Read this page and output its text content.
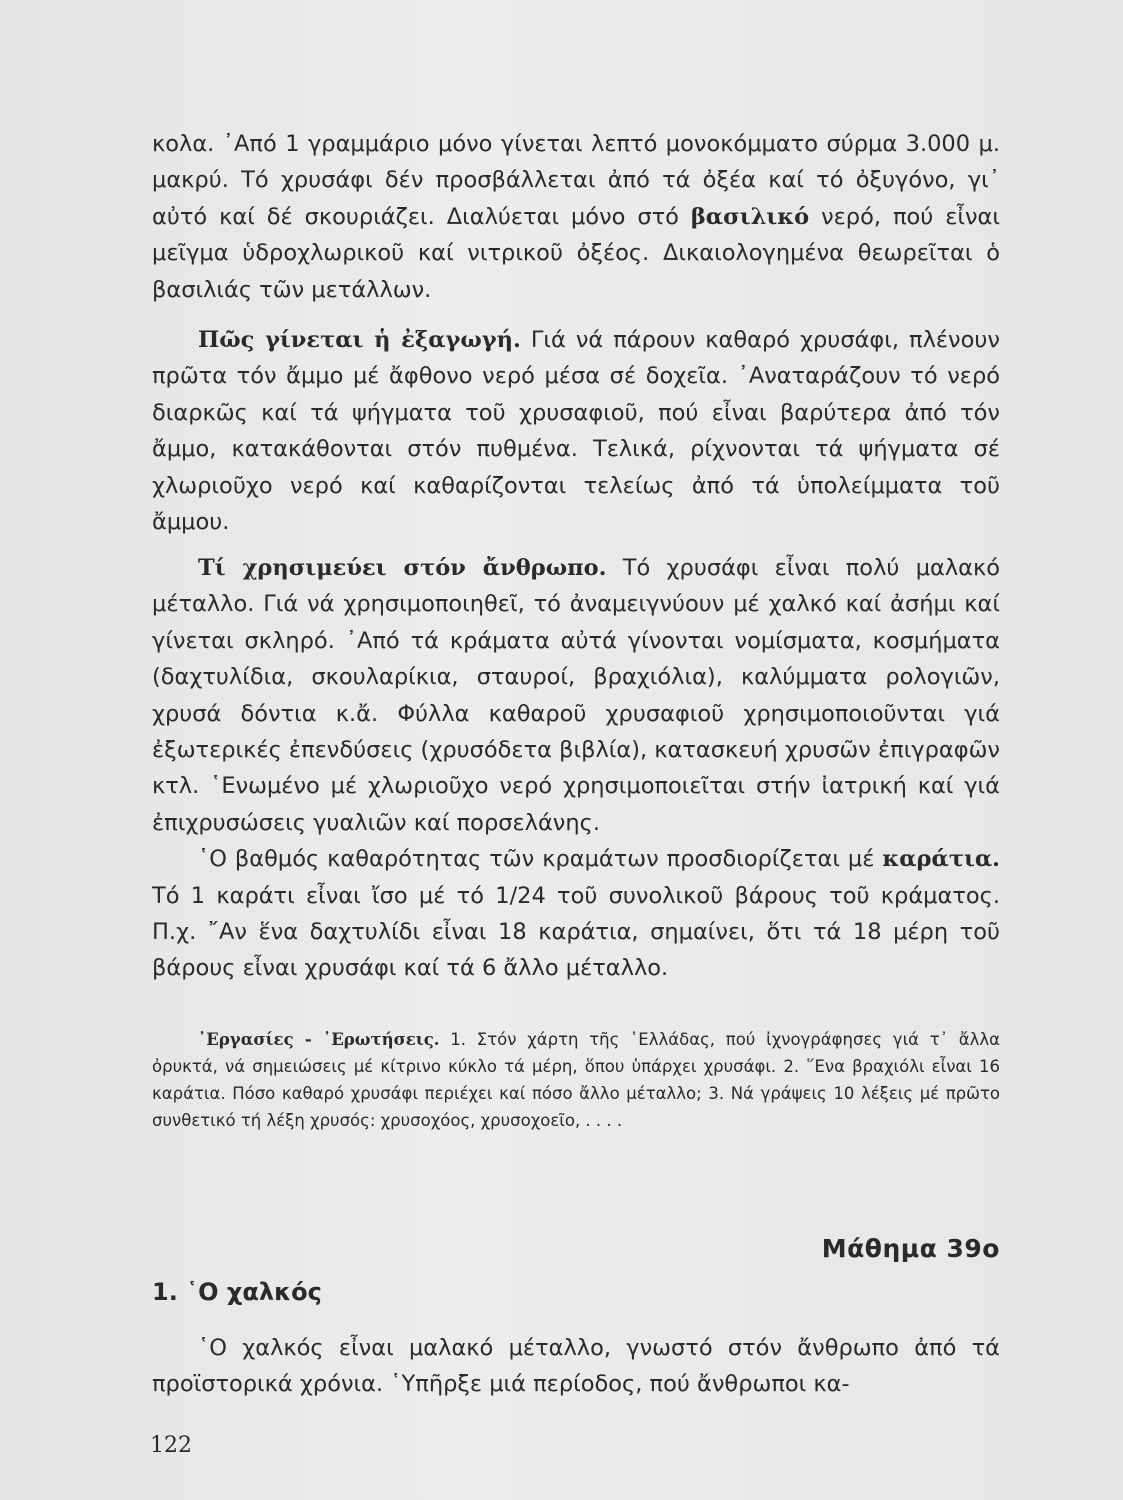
κολα. ᾽Από 1 γραμμάριο μόνο γίνεται λεπτό μονοκόμματο σύρμα 3.000 μ. μακρύ. Τό χρυσάφι δέν προσβάλλεται ἀπό τά ὀξέα καί τό ὀξυγόνο, γι᾽ αὐτό καί δέ σκουριάζει. Διαλύεται μόνο στό βασιλικό νερό, πού εἶναι μεῖγμα ὑδροχλωρικοῦ καί νιτρικοῦ ὀξέος. Δικαιολογημένα θεωρεῖται ὁ βασιλιάς τῶν μετάλλων.

Πῶς γίνεται ἡ ἐξαγωγή. Γιά νά πάρουν καθαρό χρυσάφι, πλένουν πρῶτα τόν ἄμμο μέ ἄφθονο νερό μέσα σέ δοχεῖα. ᾽Αναταράζουν τό νερό διαρκῶς καί τά ψήγματα τοῦ χρυσαφιοῦ, πού εἶναι βαρύτερα ἀπό τόν ἄμμο, κατακάθονται στόν πυθμένα. Τελικά, ρίχνονται τά ψήγματα σέ χλωριοῦχο νερό καί καθαρίζονται τελείως ἀπό τά ὑπολείμματα τοῦ ἄμμου.

Τί χρησιμεύει στόν ἄνθρωπο. Τό χρυσάφι εἶναι πολύ μαλακό μέταλλο. Γιά νά χρησιμοποιηθεῖ, τό ἀναμειγνύουν μέ χαλκό καί ἀσήμι καί γίνεται σκληρό. ᾽Από τά κράματα αὐτά γίνονται νομίσματα, κοσμήματα (δαχτυλίδια, σκουλαρίκια, σταυροί, βραχιόλια), καλύμματα ρολογιῶν, χρυσά δόντια κ.ἄ. Φύλλα καθαροῦ χρυσαφιοῦ χρησιμοποιοῦνται γιά ἐξωτερικές ἐπενδύσεις (χρυσόδετα βιβλία), κατασκευή χρυσῶν ἐπιγραφῶν κτλ. ῾Ενωμένο μέ χλωριοῦχο νερό χρησιμοποιεῖται στήν ἰατρική καί γιά ἐπιχρυσώσεις γυαλιῶν καί πορσελάνης.

῾Ο βαθμός καθαρότητας τῶν κραμάτων προσδιορίζεται μέ καράτια. Τό 1 καράτι εἶναι ἴσο μέ τό 1/24 τοῦ συνολικοῦ βάρους τοῦ κράματος. Π.χ. ῎Αν ἕνα δαχτυλίδι εἶναι 18 καράτια, σημαίνει, ὅτι τά 18 μέρη τοῦ βάρους εἶναι χρυσάφι καί τά 6 ἄλλο μέταλλο.

᾽Εργασίες - ᾽Ερωτήσεις. 1. Στόν χάρτη τῆς ῾Ελλάδας, πού ἰχνογράφησες γιά τ᾽ ἄλλα ὀρυκτά, νά σημειώσεις μέ κίτρινο κύκλο τά μέρη, ὅπου ὑπάρχει χρυσάφι. 2. ῞Ενα βραχιόλι εἶναι 16 καράτια. Πόσο καθαρό χρυσάφι περιέχει καί πόσο ἄλλο μέταλλο; 3. Νά γράψεις 10 λέξεις μέ πρῶτο συνθετικό τή λέξη χρυσός: χρυσοχόος, χρυσοχοεῖο, . . . .

Μάθημα 39ο
1. ῾Ο χαλκός

῾Ο χαλκός εἶναι μαλακό μέταλλο, γνωστό στόν ἄνθρωπο ἀπό τά προϊστορικά χρόνια. ῾Υπῆρξε μιά περίοδος, πού ἄνθρωποι κα-

122
